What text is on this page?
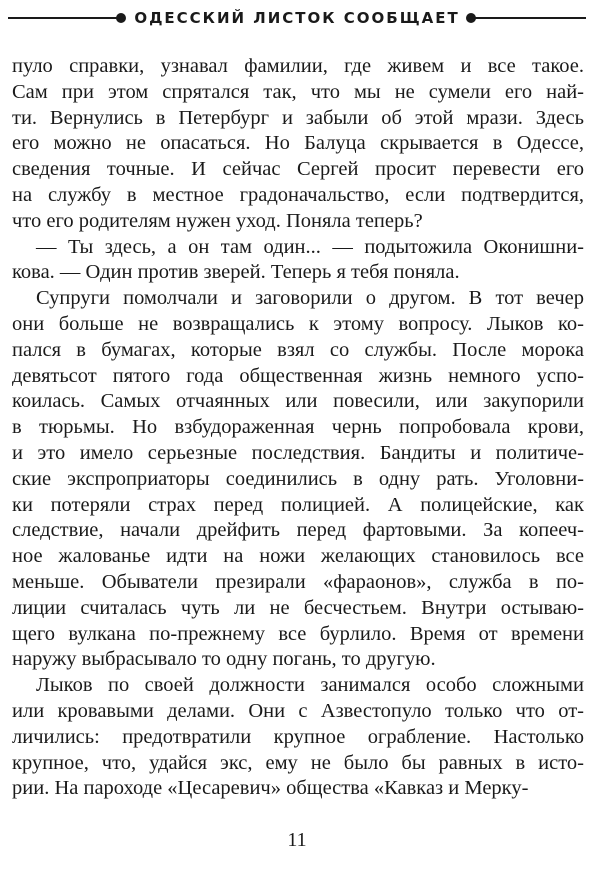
ОДЕССКИЙ ЛИСТОК СООБЩАЕТ
пуло справки, узнавал фамилии, где живем и все такое.
Сам при этом спрятался так, что мы не сумели его най-
ти. Вернулись в Петербург и забыли об этой мрази. Здесь
его можно не опасаться. Но Балуца скрывается в Одессе,
сведения точные. И сейчас Сергей просит перевести его
на службу в местное градоначальство, если подтвердится,
что его родителям нужен уход. Поняла теперь?
— Ты здесь, а он там один... — подытожила Оконишни-
кова. — Один против зверей. Теперь я тебя поняла.
Супруги помолчали и заговорили о другом. В тот вечер
они больше не возвращались к этому вопросу. Лыков ко-
пался в бумагах, которые взял со службы. После морока
девятьсот пятого года общественная жизнь немного успо-
коилась. Самых отчаянных или повесили, или закупорили
в тюрьмы. Но взбудораженная чернь попробовала крови,
и это имело серьезные последствия. Бандиты и политиче-
ские экспроприаторы соединились в одну рать. Уголовни-
ки потеряли страх перед полицией. А полицейские, как
следствие, начали дрейфить перед фартовыми. За копееч-
ное жалованье идти на ножи желающих становилось все
меньше. Обыватели презирали «фараонов», служба в по-
лиции считалась чуть ли не бесчестьем. Внутри остываю-
щего вулкана по-прежнему все бурлило. Время от времени
наружу выбрасывало то одну погань, то другую.
Лыков по своей должности занимался особо сложными
или кровавыми делами. Они с Азвестопуло только что от-
личились: предотвратили крупное ограбление. Настолько
крупное, что, удайся экс, ему не было бы равных в исто-
рии. На пароходе «Цесаревич» общества «Кавказ и Мерку-
11
